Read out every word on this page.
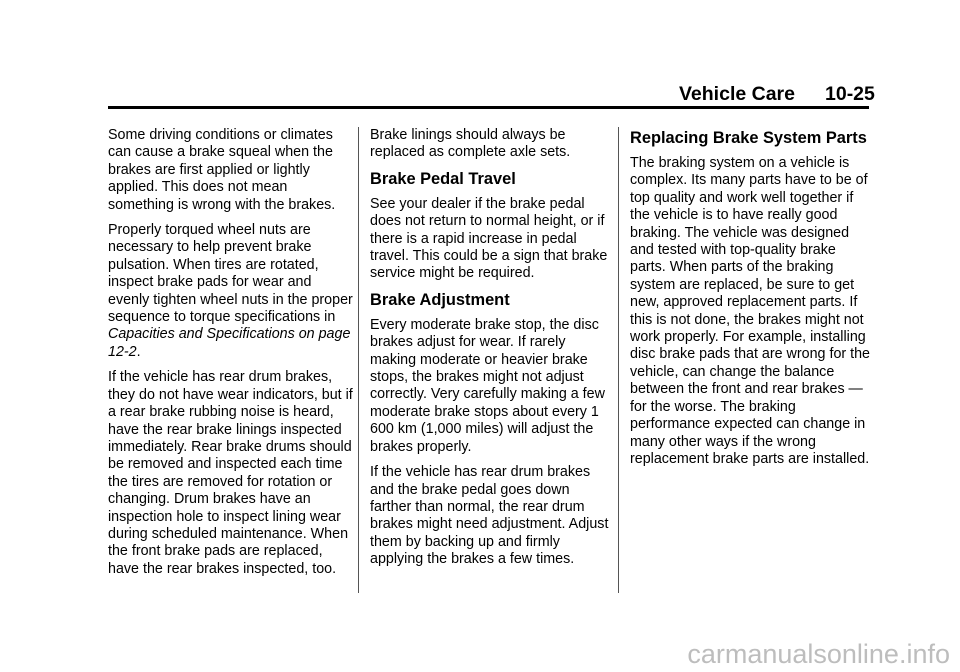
Vehicle Care 10-25

Some driving conditions or climates can cause a brake squeal when the brakes are first applied or lightly applied. This does not mean something is wrong with the brakes.

Properly torqued wheel nuts are necessary to help prevent brake pulsation. When tires are rotated, inspect brake pads for wear and evenly tighten wheel nuts in the proper sequence to torque specifications in Capacities and Specifications on page 12-2.

If the vehicle has rear drum brakes, they do not have wear indicators, but if a rear brake rubbing noise is heard, have the rear brake linings inspected immediately. Rear brake drums should be removed and inspected each time the tires are removed for rotation or changing. Drum brakes have an inspection hole to inspect lining wear during scheduled maintenance. When the front brake pads are replaced, have the rear brakes inspected, too.

Brake linings should always be replaced as complete axle sets.

Brake Pedal Travel

See your dealer if the brake pedal does not return to normal height, or if there is a rapid increase in pedal travel. This could be a sign that brake service might be required.

Brake Adjustment

Every moderate brake stop, the disc brakes adjust for wear. If rarely making moderate or heavier brake stops, the brakes might not adjust correctly. Very carefully making a few moderate brake stops about every 1 600 km (1,000 miles) will adjust the brakes properly.

If the vehicle has rear drum brakes and the brake pedal goes down farther than normal, the rear drum brakes might need adjustment. Adjust them by backing up and firmly applying the brakes a few times.

Replacing Brake System Parts

The braking system on a vehicle is complex. Its many parts have to be of top quality and work well together if the vehicle is to have really good braking. The vehicle was designed and tested with top-quality brake parts. When parts of the braking system are replaced, be sure to get new, approved replacement parts. If this is not done, the brakes might not work properly. For example, installing disc brake pads that are wrong for the vehicle, can change the balance between the front and rear brakes — for the worse. The braking performance expected can change in many other ways if the wrong replacement brake parts are installed.

carmanualsonline.info
